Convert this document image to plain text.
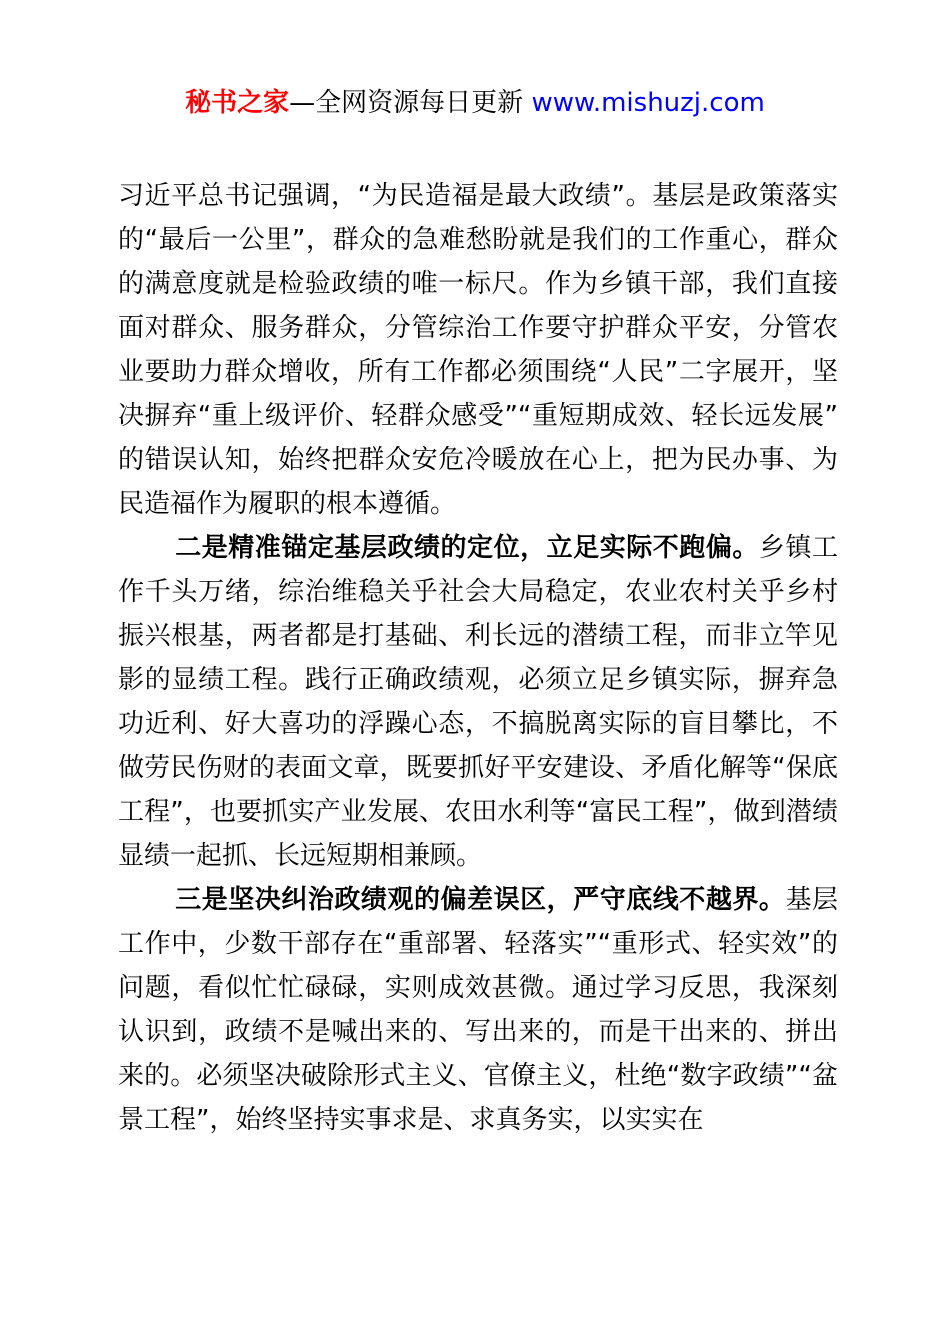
秘书之家—全网资源每日更新 www.mishuzj.com

习近平总书记强调，“为民造福是最大政绩”。基层是政策落实的“最后一公里”，群众的急难愁盼就是我们的工作重心，群众的满意度就是检验政绩的唯一标尺。作为乡镇干部，我们直接面对群众、服务群众，分管综治工作要守护群众平安，分管农业要助力群众增收，所有工作都必须围绕“人民”二字展开，坚决摒弃“重上级评价、轻群众感受”“重短期成效、轻长远发展”的错误认知，始终把群众安危冷暖放在心上，把为民办事、为民造福作为履职的根本遵循。

二是精准锚定基层政绩的定位，立足实际不跑偏。乡镇工作千头万绪，综治维稳关乎社会大局稳定，农业农村关乎乡村振兴根基，两者都是打基础、利长远的潜绩工程，而非立竿见影的显绩工程。践行正确政绩观，必须立足乡镇实际，摒弃急功近利、好大喜功的浮躁心态，不搞脱离实际的盲目攀比，不做劳民伤财的表面文章，既要抓好平安建设、矛盾化解等“保底工程”，也要抓实产业发展、农田水利等“富民工程”，做到潜绩显绩一起抓、长远短期相兼顾。

三是坚决纠治政绩观的偏差误区，严守底线不越界。基层工作中，少数干部存在“重部署、轻落实”“重形式、轻实效”的问题，看似忙忙碌碌，实则成效甚微。通过学习反思，我深刻认识到，政绩不是喊出来的、写出来的，而是干出来的、拼出来的。必须坚决破除形式主义、官僚主义，杜绝“数字政绩”“盆景工程”，始终坚持实事求是、求真务实，以实实在
